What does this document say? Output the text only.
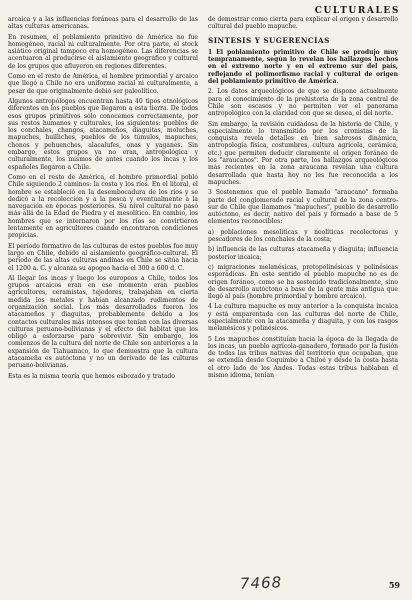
CULTURALES

arcaica y a las influencias foráneas para el desarrollo de las altas culturas americanas.

En resumen, el poblamiento primitivo de América no fue homogéneo, racial ni culturalmente. Por otra parte, el stock asiático original tampoco era homogéneo. Las diferencias se acentuaron al producirse el aislamiento geográfico y cultural de los grupos que afluyeron en regiones diferentes.

Como en el resto de América, el hombre primordial y arcaico que llegó a Chile no era uniforme racial ni culturalmente, a pesar de que originalmente debió ser paleolítico.

Algunos antropólogos encuentran hasta 40 tipos etnológicos diferentes en los pueblos que llegaron a esta tierra. De todos esos grupos primitivos sólo conocemos correctamente, por sus restos humanos y culturales, los siguientes: pueblos de los conchales, changos, atacameños, diaguitas, moluches, mapuches, huilliches, pueblos de los túmulos, mapuches, chonos y pehuenches, alacalufes, onas y yaganes. Sin embargo, estos grupos ya no eran, antropológica y culturalmente, los mismos de antes cuando los incas y los españoles llegaron a Chile.

Como en el resto de América, el hombre primordial pobló Chile siguiendo 2 caminos: la costa y los ríos. En el litoral, el hombre se estableció en la desembocadura de los ríos y se dedicó a la recolección y a la pesca y eventualmente a la navegación en épocas posteriores. Su nivel cultural no pasó más allá de la Edad de Piedra y el mesolítico. En cambio, los hombres que se internaron por los ríos se convirtieron lentamente en agricultores cuando encontraron condiciones propicias.

El período formativo de las culturas de estos pueblos fue muy largo en Chile, debido al aislamiento geográfico-cultural. El período de las altas culturas andinas en Chile se sitúa hacia el 1200 a. C. y alcanza su apogeo hacia el 300 a 600 d. C.

Al llegar los incas y luego los europeos a Chile, todos los grupos arcaicos eran en ese momento eran pueblos agricultores, ceramistas, tejedores, trabajaban en cierta medida los metales y habían alcanzado rudimentos de organización social. Los más desarrollados fueron los atacameños y diaguitas, probablemente debido a los contactos culturales más intensos que tenían con las diversas culturas peruano-bolivianas y el efecto del habitat que los obligó a esforzarse para sobrevivir. Sin embargo, los comienzos de la cultura del norte de Chile son anteriores a la expansión de Tiahuanaco, lo que demuestra que la cultura atacameña es autóctona y no un derivado de las culturas peruano-bolivianas.

Esta es la misma teoría que hemos esbozado y tratado

de demostrar como cierta para explicar el origen y desarrollo cultural del pueblo mapuche.

SINTESIS Y SUGERENCIAS

1 El poblamiento primitivo de Chile se produjo muy tempranamente, según lo revelan los hallazgos hechos en el extremo norte y en el extremo sur del país, reflejando el polimorfismo racial y cultural de origen del poblamiento primitivo de América.

2. Los datos arqueológicos de que se dispone actualmente para el conocimiento de la prehistoria de la zona central de Chile son escasos y no permiten ver el panorama antropológico con la claridad con que se desea, el del norte.

Sin embargo, la revisión cuidadosa de la historia de Chile, y especialmente lo transmitido por los cronistas de la conquista revela detalles en bien sabrosos dinámica, antropología física, costumbres, cultura agrícola, cerámica, etc.) que permiten deducir claramente el origen foráneo de los "araucanos". Por otra parte, los hallazgos arqueológicos más recientes en la zona araucana revelan una cultura desarrollada que hasta hoy no les fue reconocida a los mapuches.

3 Sostenemos que el pueblo llamado "araucano" formaba parte del conglomerado racial y cultural de la zona centro-sur de Chile que llamamos "mapuches", pueblo de desarrollo autóctono, es decir, nativo del país y formado a base de 5 elementos reconocibles:

a) poblaciones mesolíticas y neolíticas recolectoras y pescadores de los conchales de la costa;

b) influencia de las culturas atacameña y diaguita; influencia posterior incaica;

c) migraciones melanésicas, protopolinésicas y polinésicas esporádicas. En este sentido el pueblo mapuche no es de origen foráneo, como se ha sostenido tradicionalmente, sino de desarrollo autóctono a base de la gente más antigua que llegó al país (hombre primordial y hombre arcaico).

4 La cultura mapuche es muy anterior a la conquista incaica y está emparentada con las culturas del norte de Chile, especialmente con la atacameña y diaguita, y con los rasgos melanésicos y polinésicos.

5 Los mapuches constituían hacia la época de la llegada de los incas, un pueblo agrícola-ganadero, formado por la fusión de todas las tribus nativas del territorio que ocupaban, que se extendía desde Coquimbo a Chiloé y desde la costa hasta el otro lado de los Andes. Todas estas tribus hablaban el mismo idioma, tenían

7468	59
